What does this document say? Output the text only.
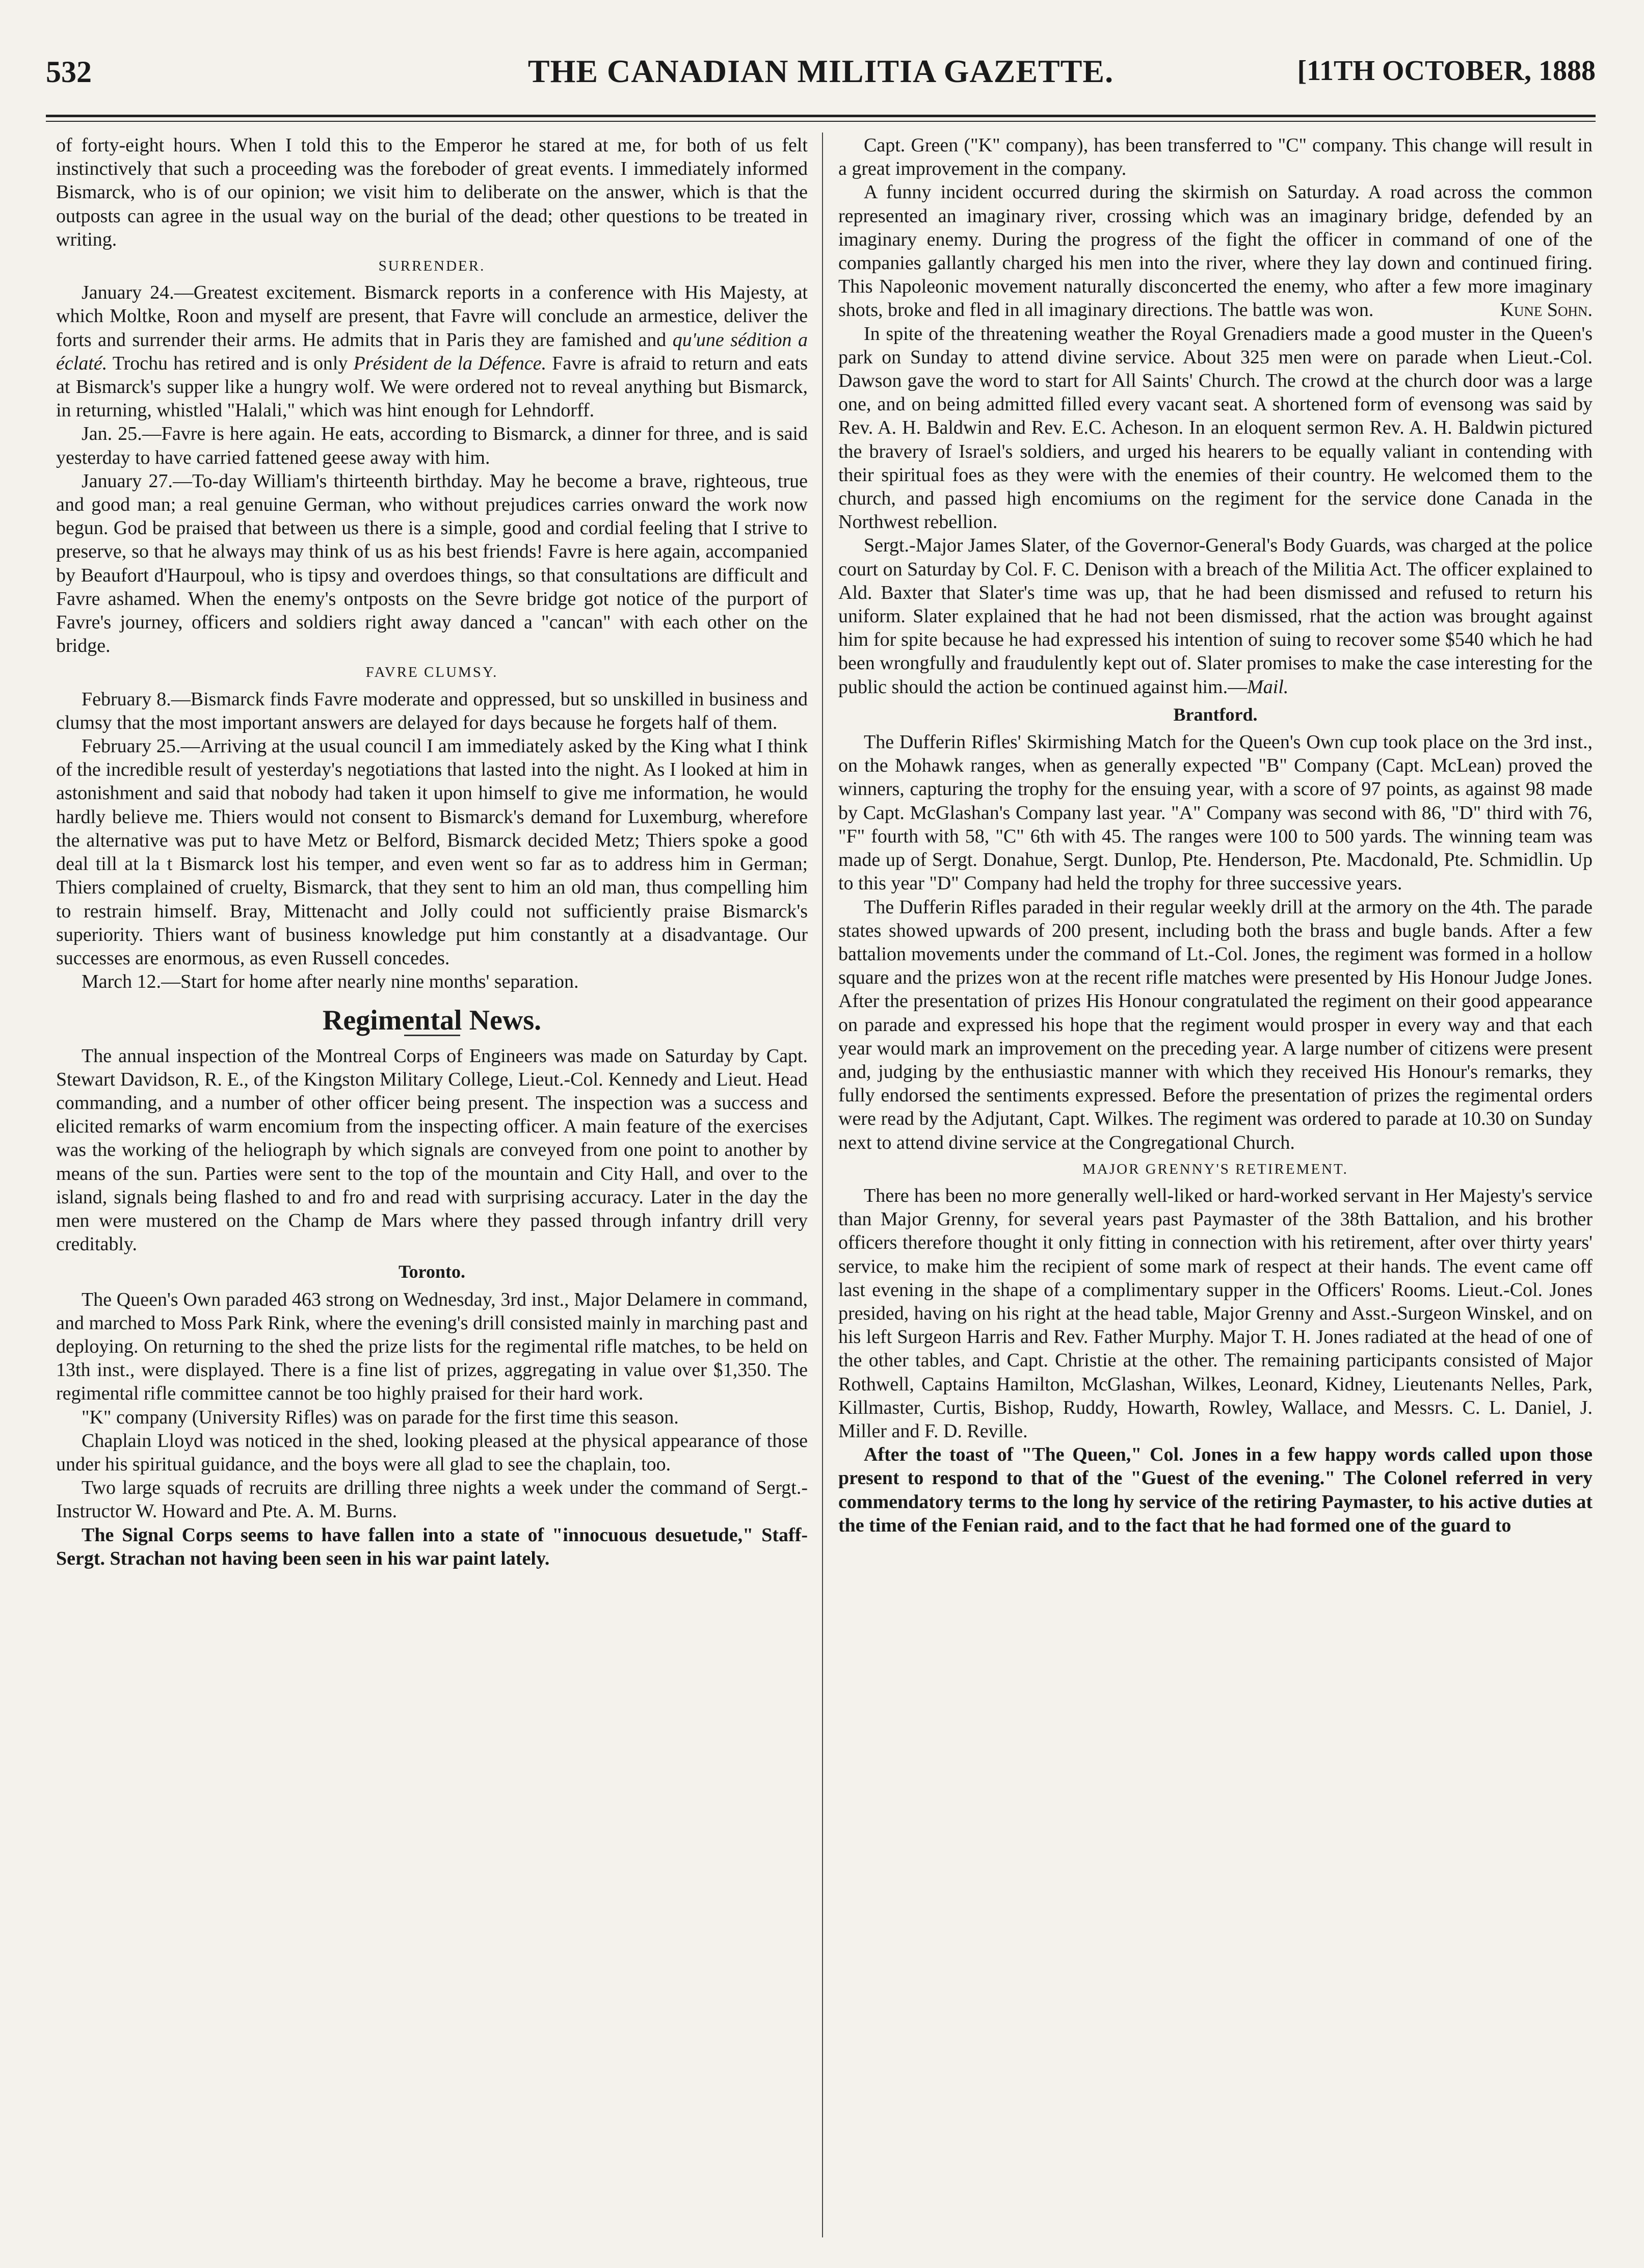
532	THE CANADIAN MILITIA GAZETTE.	[11TH OCTOBER, 1888

of forty-eight hours. When I told this to the Emperor he stared at me, for both of us felt instinctively that such a proceeding was the foreboder of great events. I immediately informed Bismarck, who is of our opinion; we visit him to deliberate on the answer, which is that the outposts can agree in the usual way on the burial of the dead; other questions to be treated in writing.

SURRENDER.

January 24.—Greatest excitement. Bismarck reports in a conference with His Majesty, at which Moltke, Roon and myself are present, that Favre will conclude an armestice, deliver the forts and surrender their arms. He admits that in Paris they are famished and qu'une sédition a éclaté. Trochu has retired and is only Président de la Défence. Favre is afraid to return and eats at Bismarck's supper like a hungry wolf. We were ordered not to reveal anything but Bismarck, in returning, whistled "Halali," which was hint enough for Lehndorff.

Jan. 25.—Favre is here again. He eats, according to Bismarck, a dinner for three, and is said yesterday to have carried fattened geese away with him.

January 27.—To-day William's thirteenth birthday. May he become a brave, righteous, true and good man; a real genuine German, who without prejudices carries onward the work now begun. God be praised that between us there is a simple, good and cordial feeling that I strive to preserve, so that he always may think of us as his best friends! Favre is here again, accompanied by Beaufort d'Haurpoul, who is tipsy and overdoes things, so that consultations are difficult and Favre ashamed. When the enemy's ontposts on the Sevre bridge got notice of the purport of Favre's journey, officers and soldiers right away danced a "cancan" with each other on the bridge.

FAVRE CLUMSY.

February 8.—Bismarck finds Favre moderate and oppressed, but so unskilled in business and clumsy that the most important answers are delayed for days because he forgets half of them.

February 25.—Arriving at the usual council I am immediately asked by the King what I think of the incredible result of yesterday's negotiations that lasted into the night. As I looked at him in astonishment and said that nobody had taken it upon himself to give me information, he would hardly believe me. Thiers would not consent to Bismarck's demand for Luxemburg, wherefore the alternative was put to have Metz or Belford, Bismarck decided Metz; Thiers spoke a good deal till at la t Bismarck lost his temper, and even went so far as to address him in German; Thiers complained of cruelty, Bismarck, that they sent to him an old man, thus compelling him to restrain himself. Bray, Mittenacht and Jolly could not sufficiently praise Bismarck's superiority. Thiers want of business knowledge put him constantly at a disadvantage. Our successes are enormous, as even Russell concedes.

March 12.—Start for home after nearly nine months' separation.

Regimental News.

The annual inspection of the Montreal Corps of Engineers was made on Saturday by Capt. Stewart Davidson, R. E., of the Kingston Military College, Lieut.-Col. Kennedy and Lieut. Head commanding, and a number of other officer being present. The inspection was a success and elicited remarks of warm encomium from the inspecting officer. A main feature of the exercises was the working of the heliograph by which signals are conveyed from one point to another by means of the sun. Parties were sent to the top of the mountain and City Hall, and over to the island, signals being flashed to and fro and read with surprising accuracy. Later in the day the men were mustered on the Champ de Mars where they passed through infantry drill very creditably.

Toronto.

The Queen's Own paraded 463 strong on Wednesday, 3rd inst., Major Delamere in command, and marched to Moss Park Rink, where the evening's drill consisted mainly in marching past and deploying. On returning to the shed the prize lists for the regimental rifle matches, to be held on 13th inst., were displayed. There is a fine list of prizes, aggregating in value over $1,350. The regimental rifle committee cannot be too highly praised for their hard work.

"K" company (University Rifles) was on parade for the first time this season.

Chaplain Lloyd was noticed in the shed, looking pleased at the physical appearance of those under his spiritual guidance, and the boys were all glad to see the chaplain, too.

Two large squads of recruits are drilling three nights a week under the command of Sergt.-Instructor W. Howard and Pte. A. M. Burns.

The Signal Corps seems to have fallen into a state of "innocuous desuetude," Staff-Sergt. Strachan not having been seen in his war paint lately.

Capt. Green ("K" company), has been transferred to "C" company. This change will result in a great improvement in the company.

A funny incident occurred during the skirmish on Saturday. A road across the common represented an imaginary river, crossing which was an imaginary bridge, defended by an imaginary enemy. During the progress of the fight the officer in command of one of the companies gallantly charged his men into the river, where they lay down and continued firing. This Napoleonic movement naturally disconcerted the enemy, who after a few more imaginary shots, broke and fled in all imaginary directions. The battle was won.	Kune Sohn.

In spite of the threatening weather the Royal Grenadiers made a good muster in the Queen's park on Sunday to attend divine service. About 325 men were on parade when Lieut.-Col. Dawson gave the word to start for All Saints' Church. The crowd at the church door was a large one, and on being admitted filled every vacant seat. A shortened form of evensong was said by Rev. A. H. Baldwin and Rev. E.C. Acheson. In an eloquent sermon Rev. A. H. Baldwin pictured the bravery of Israel's soldiers, and urged his hearers to be equally valiant in contending with their spiritual foes as they were with the enemies of their country. He welcomed them to the church, and passed high encomiums on the regiment for the service done Canada in the Northwest rebellion.

Sergt.-Major James Slater, of the Governor-General's Body Guards, was charged at the police court on Saturday by Col. F. C. Denison with a breach of the Militia Act. The officer explained to Ald. Baxter that Slater's time was up, that he had been dismissed and refused to return his uniform. Slater explained that he had not been dismissed, rhat the action was brought against him for spite because he had expressed his intention of suing to recover some $540 which he had been wrongfully and fraudulently kept out of. Slater promises to make the case interesting for the public should the action be continued against him.—Mail.

Brantford.

The Dufferin Rifles' Skirmishing Match for the Queen's Own cup took place on the 3rd inst., on the Mohawk ranges, when as generally expected "B" Company (Capt. McLean) proved the winners, capturing the trophy for the ensuing year, with a score of 97 points, as against 98 made by Capt. McGlashan's Company last year. "A" Company was second with 86, "D" third with 76, "F" fourth with 58, "C" 6th with 45. The ranges were 100 to 500 yards. The winning team was made up of Sergt. Donahue, Sergt. Dunlop, Pte. Henderson, Pte. Macdonald, Pte. Schmidlin. Up to this year "D" Company had held the trophy for three successive years.

The Dufferin Rifles paraded in their regular weekly drill at the armory on the 4th. The parade states showed upwards of 200 present, including both the brass and bugle bands. After a few battalion movements under the command of Lt.-Col. Jones, the regiment was formed in a hollow square and the prizes won at the recent rifle matches were presented by His Honour Judge Jones. After the presentation of prizes His Honour congratulated the regiment on their good appearance on parade and expressed his hope that the regiment would prosper in every way and that each year would mark an improvement on the preceding year. A large number of citizens were present and, judging by the enthusiastic manner with which they received His Honour's remarks, they fully endorsed the sentiments expressed. Before the presentation of prizes the regimental orders were read by the Adjutant, Capt. Wilkes. The regiment was ordered to parade at 10.30 on Sunday next to attend divine service at the Congregational Church.

MAJOR GRENNY'S RETIREMENT.

There has been no more generally well-liked or hard-worked servant in Her Majesty's service than Major Grenny, for several years past Paymaster of the 38th Battalion, and his brother officers therefore thought it only fitting in connection with his retirement, after over thirty years' service, to make him the recipient of some mark of respect at their hands. The event came off last evening in the shape of a complimentary supper in the Officers' Rooms. Lieut.-Col. Jones presided, having on his right at the head table, Major Grenny and Asst.-Surgeon Winskel, and on his left Surgeon Harris and Rev. Father Murphy. Major T. H. Jones radiated at the head of one of the other tables, and Capt. Christie at the other. The remaining participants consisted of Major Rothwell, Captains Hamilton, McGlashan, Wilkes, Leonard, Kidney, Lieutenants Nelles, Park, Killmaster, Curtis, Bishop, Ruddy, Howarth, Rowley, Wallace, and Messrs. C. L. Daniel, J. Miller and F. D. Reville.

After the toast of "The Queen," Col. Jones in a few happy words called upon those present to respond to that of the "Guest of the evening." The Colonel referred in very commendatory terms to the long hy service of the retiring Paymaster, to his active duties at the time of the Fenian raid, and to the fact that he had formed one of the guard to
